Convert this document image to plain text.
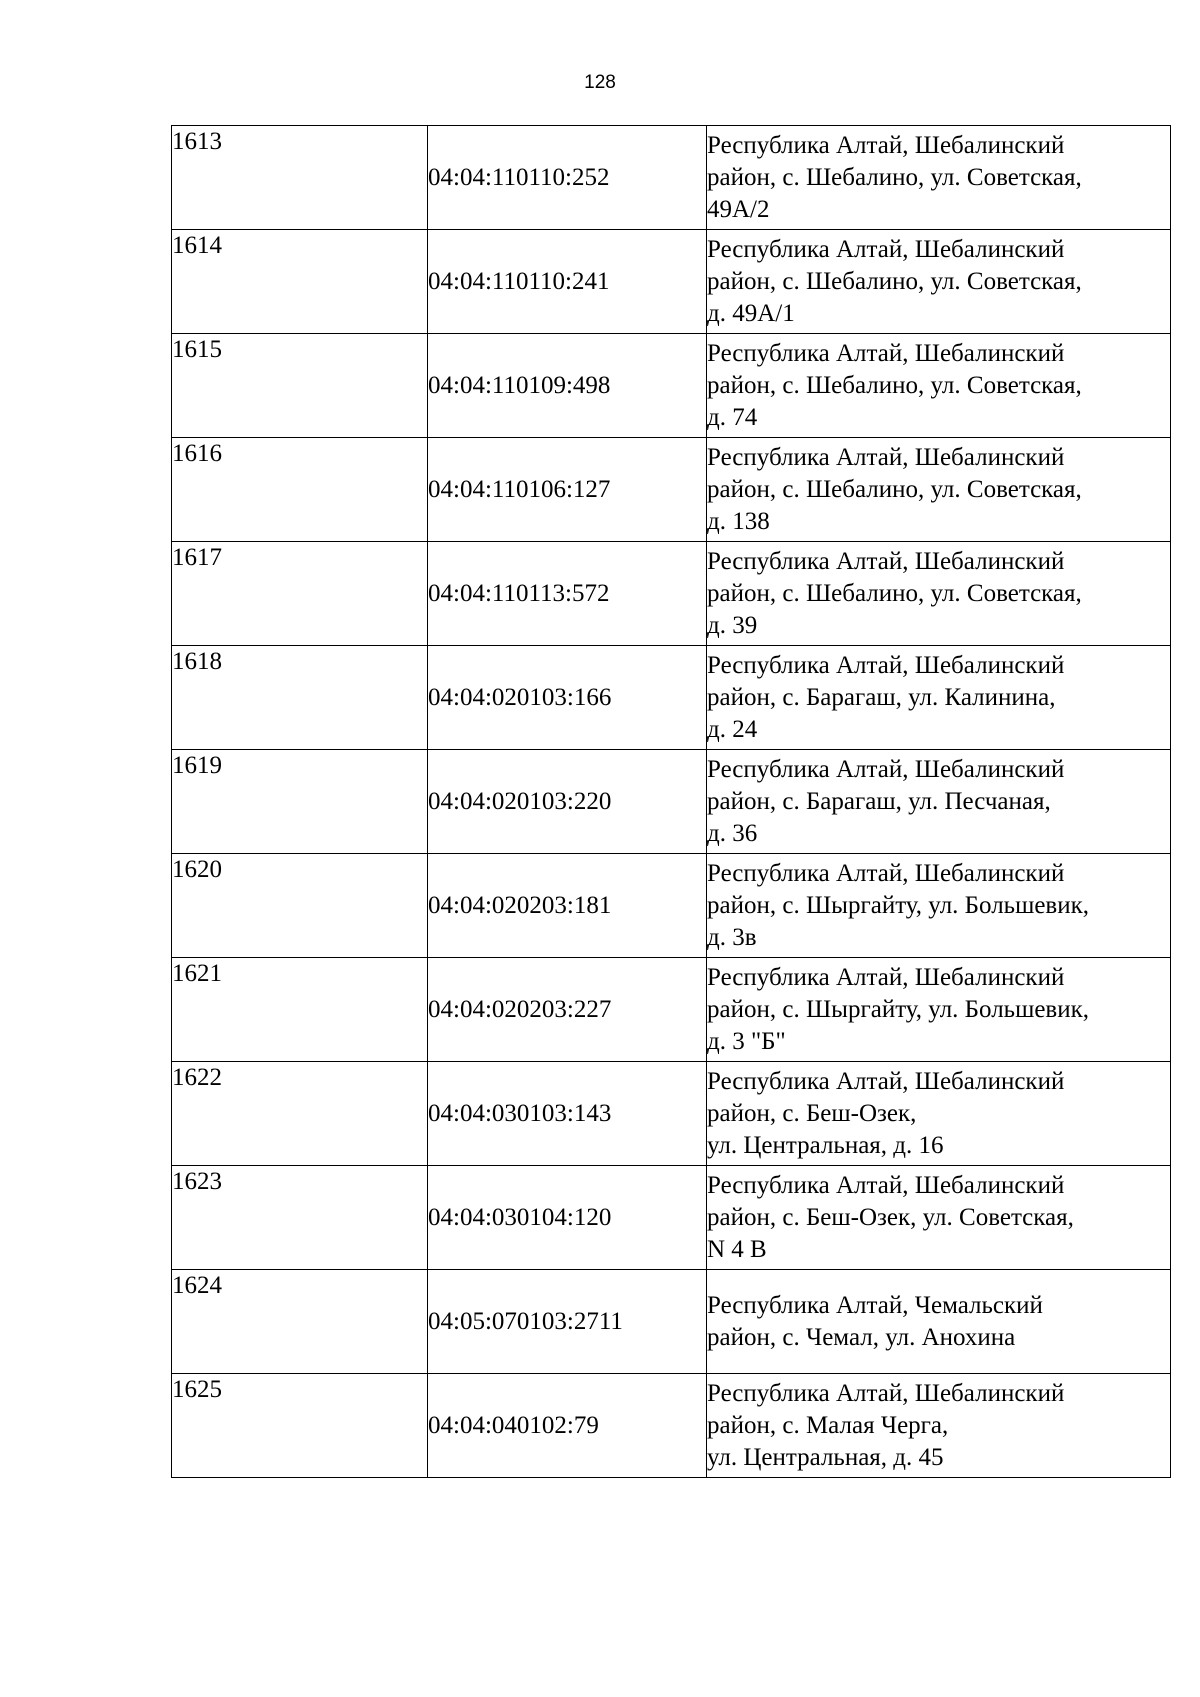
128
1613	04:04:110110:252	Республика Алтай, Шебалинский
район, с. Шебалино, ул. Советская,
49А/2

1614	04:04:110110:241	Республика Алтай, Шебалинский
район, с. Шебалино, ул. Советская,
д. 49А/1

1615	04:04:110109:498	Республика Алтай, Шебалинский
район, с. Шебалино, ул. Советская,
д. 74

1616	04:04:110106:127	Республика Алтай, Шебалинский
район, с. Шебалино, ул. Советская,
д. 138

1617	04:04:110113:572	Республика Алтай, Шебалинский
район, с. Шебалино, ул. Советская,
д. 39

1618	04:04:020103:166	Республика Алтай, Шебалинский
район, с. Барагаш, ул. Калинина,
д. 24

1619	04:04:020103:220	Республика Алтай, Шебалинский
район, с. Барагаш, ул. Песчаная,
д. 36

1620	04:04:020203:181	Республика Алтай, Шебалинский
район, с. Шыргайту, ул. Большевик,
д. 3в

1621	04:04:020203:227	Республика Алтай, Шебалинский
район, с. Шыргайту, ул. Большевик,
д. 3 "Б"

1622	04:04:030103:143	Республика Алтай, Шебалинский
район, с. Беш-Озек,
ул. Центральная, д. 16

1623	04:04:030104:120	Республика Алтай, Шебалинский
район, с. Беш-Озек, ул. Советская,
N 4 В

1624	04:05:070103:2711	Республика Алтай, Чемальский
район, с. Чемал, ул. Анохина

1625	04:04:040102:79	Республика Алтай, Шебалинский
район, с. Малая Черга,
ул. Центральная, д. 45
